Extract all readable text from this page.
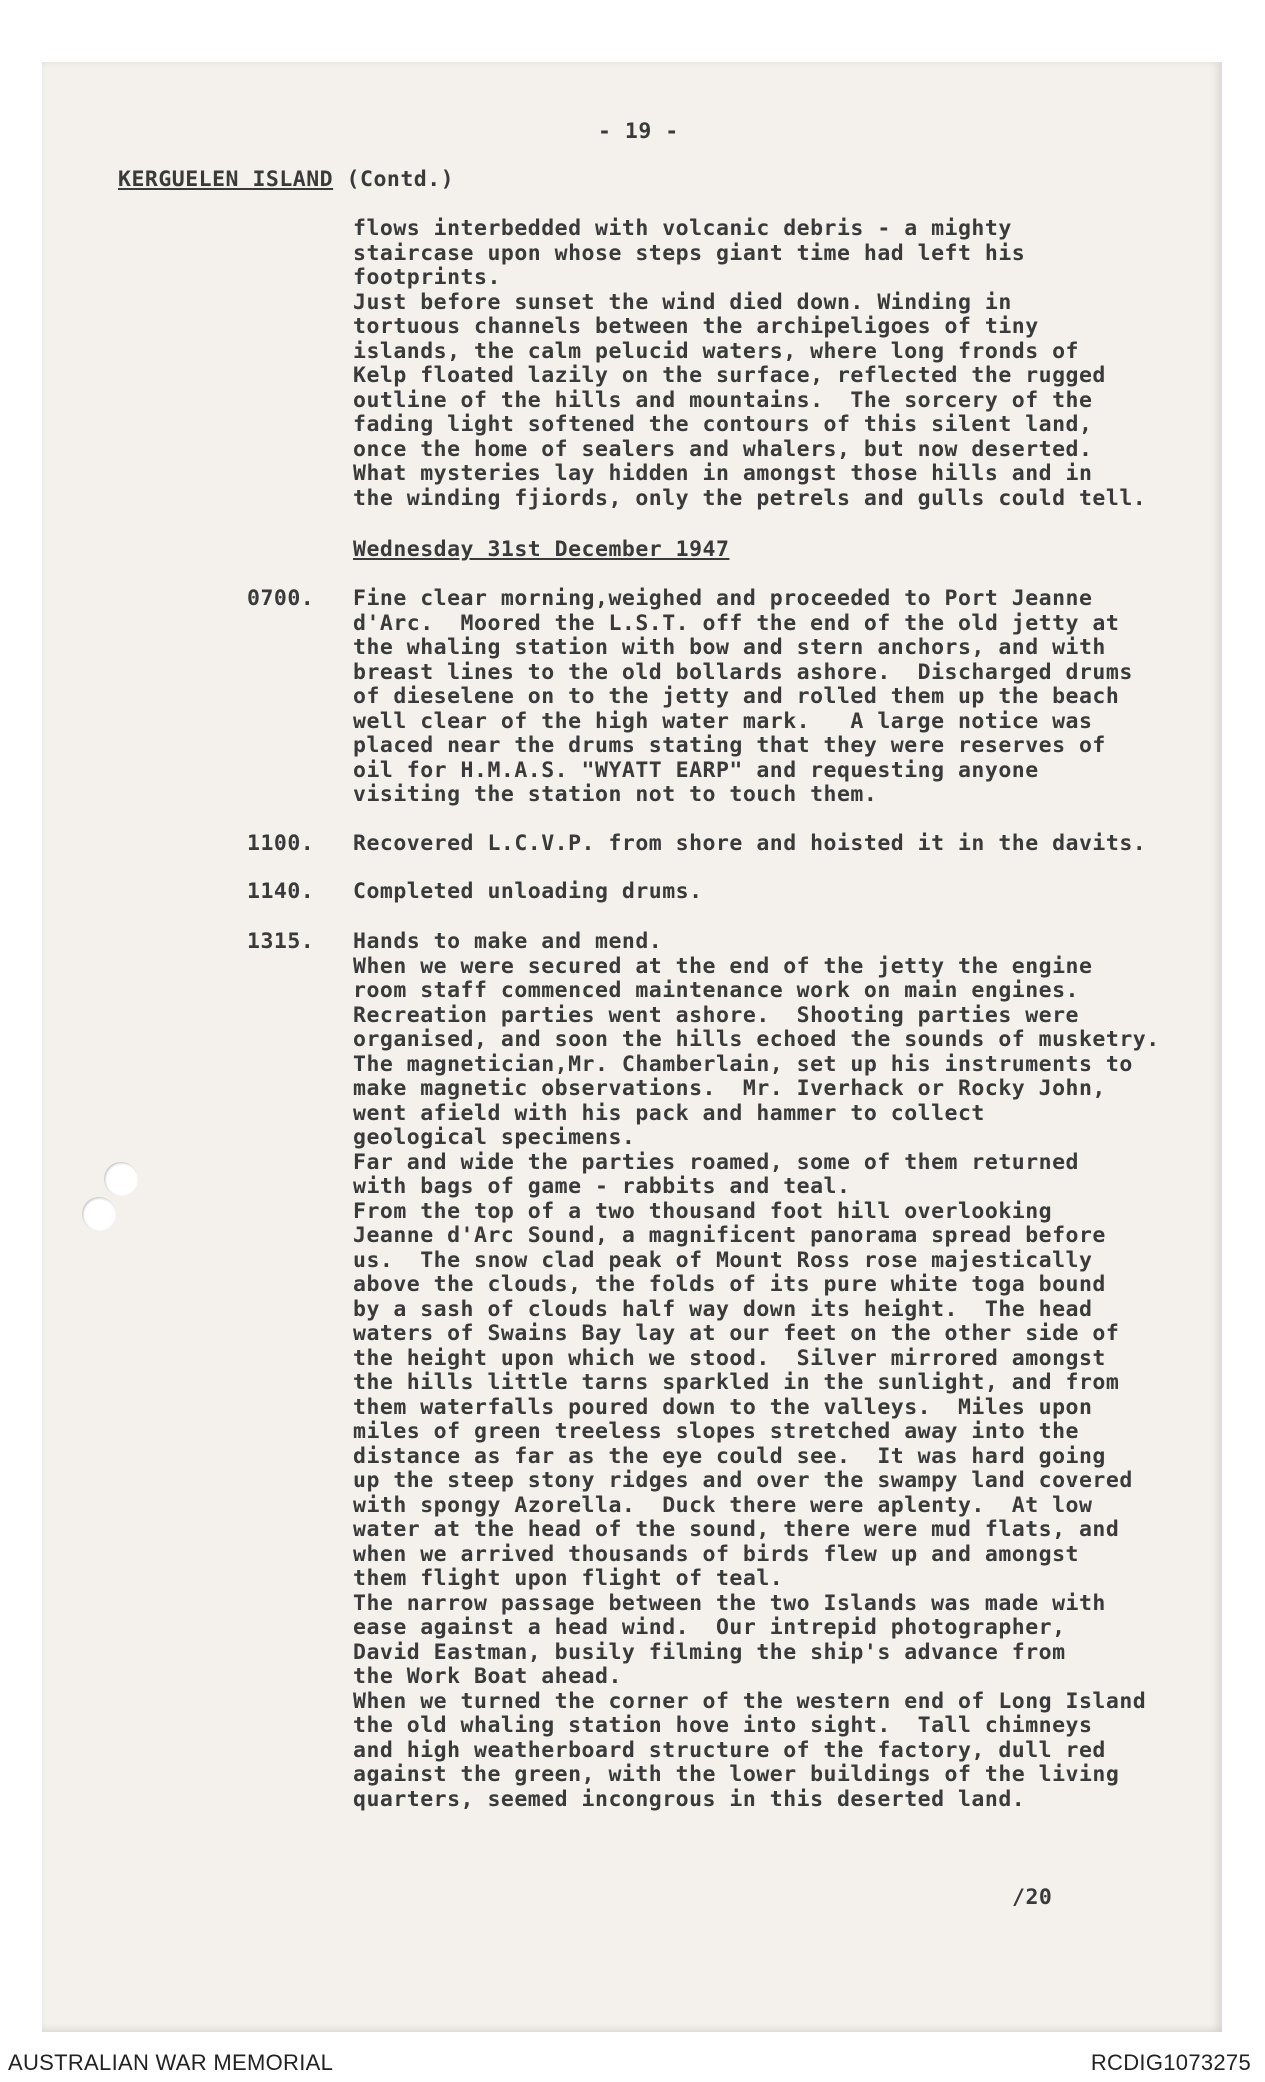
- 19 -
KERGUELEN ISLAND (Contd.)
flows interbedded with volcanic debris - a mighty
staircase upon whose steps giant time had left his
footprints.
Just before sunset the wind died down. Winding in
tortuous channels between the archipeligoes of tiny
islands, the calm pelucid waters, where long fronds of
Kelp floated lazily on the surface, reflected the rugged
outline of the hills and mountains.  The sorcery of the
fading light softened the contours of this silent land,
once the home of sealers and whalers, but now deserted.
What mysteries lay hidden in amongst those hills and in
the winding fjiords, only the petrels and gulls could tell.
Wednesday 31st December 1947
0700. Fine clear morning,weighed and proceeded to Port Jeanne
d'Arc.  Moored the L.S.T. off the end of the old jetty at
the whaling station with bow and stern anchors, and with
breast lines to the old bollards ashore.  Discharged drums
of dieselene on to the jetty and rolled them up the beach
well clear of the high water mark.   A large notice was
placed near the drums stating that they were reserves of
oil for H.M.A.S. "WYATT EARP" and requesting anyone
visiting the station not to touch them.
1100. Recovered L.C.V.P. from shore and hoisted it in the davits.
1140. Completed unloading drums.
1315. Hands to make and mend.
When we were secured at the end of the jetty the engine
room staff commenced maintenance work on main engines.
Recreation parties went ashore.  Shooting parties were
organised, and soon the hills echoed the sounds of musketry.
The magnetician,Mr. Chamberlain, set up his instruments to
make magnetic observations.  Mr. Iverhack or Rocky John,
went afield with his pack and hammer to collect
geological specimens.
Far and wide the parties roamed, some of them returned
with bags of game - rabbits and teal.
From the top of a two thousand foot hill overlooking
Jeanne d'Arc Sound, a magnificent panorama spread before
us.  The snow clad peak of Mount Ross rose majestically
above the clouds, the folds of its pure white toga bound
by a sash of clouds half way down its height.  The head
waters of Swains Bay lay at our feet on the other side of
the height upon which we stood.  Silver mirrored amongst
the hills little tarns sparkled in the sunlight, and from
them waterfalls poured down to the valleys.  Miles upon
miles of green treeless slopes stretched away into the
distance as far as the eye could see.  It was hard going
up the steep stony ridges and over the swampy land covered
with spongy Azorella.  Duck there were aplenty.  At low
water at the head of the sound, there were mud flats, and
when we arrived thousands of birds flew up and amongst
them flight upon flight of teal.
The narrow passage between the two Islands was made with
ease against a head wind.  Our intrepid photographer,
David Eastman, busily filming the ship's advance from
the Work Boat ahead.
When we turned the corner of the western end of Long Island
the old whaling station hove into sight.  Tall chimneys
and high weatherboard structure of the factory, dull red
against the green, with the lower buildings of the living
quarters, seemed incongrous in this deserted land.
/20
AUSTRALIAN WAR MEMORIAL	RCDIG1073275
